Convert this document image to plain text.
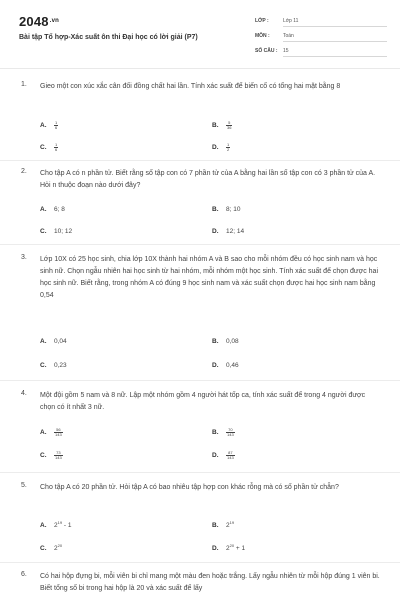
$2048^{.vn}$
Bài tập Tổ hợp-Xác suất ôn thi Đại học có lời giải (P7)
LỚP :	Lớp 11
MÔN :	Toán
SỐ CÂU : 15
1. Gieo một con xúc xắc cân đối đồng chất hai lần. Tính xác suất để biến cố có tổng hai mặt bằng 8
A. $\frac{1}{6}$	B. $\frac{5}{36}$
C. $\frac{1}{6}$	D. $\frac{1}{2}$
2. Cho tập A có n phần tử. Biết rằng số tập con có 7 phần tử của A bằng hai lần số tập con có 3 phần tử của A. Hỏi n thuộc đoạn nào dưới đây?
A. 6; 8	B. 8; 10
C. 10; 12	D. 12; 14
3. Lớp 10X có 25 học sinh, chia lớp 10X thành hai nhóm A và B sao cho mỗi nhóm đều có học sinh nam và học sinh nữ. Chọn ngẫu nhiên hai học sinh từ hai nhóm, mỗi nhóm một học sinh. Tính xác suất để chọn được hai học sinh nữ. Biết rằng, trong nhóm A có đúng 9 học sinh nam và xác suất chọn được hai học sinh nam bằng 0,54
A. 0,04	B. 0,08
C. 0,23	D. 0,46
4. Một đội gồm 5 nam và 8 nữ. Lập một nhóm gồm 4 người hát tốp ca, tính xác suất để trong 4 người được chọn có ít nhất 3 nữ.
A. $\frac{56}{143}$	B. $\frac{70}{143}$
C. $\frac{73}{143}$	D. $\frac{87}{143}$
5. Cho tập A có 20 phần tử. Hỏi tập A có bao nhiêu tập hợp con khác rỗng mà có số phần tử chẵn?
A. $2^{19} - 1$	B. $2^{19}$
C. $2^{20}$	D. $2^{20} + 1$
6. Có hai hộp đựng bi, mỗi viên bi chỉ mang một màu đen hoặc trắng. Lấy ngẫu nhiên từ mỗi hộp đúng 1 viên bi. Biết tổng số bi trong hai hộp là 20 và xác suất để lấy
